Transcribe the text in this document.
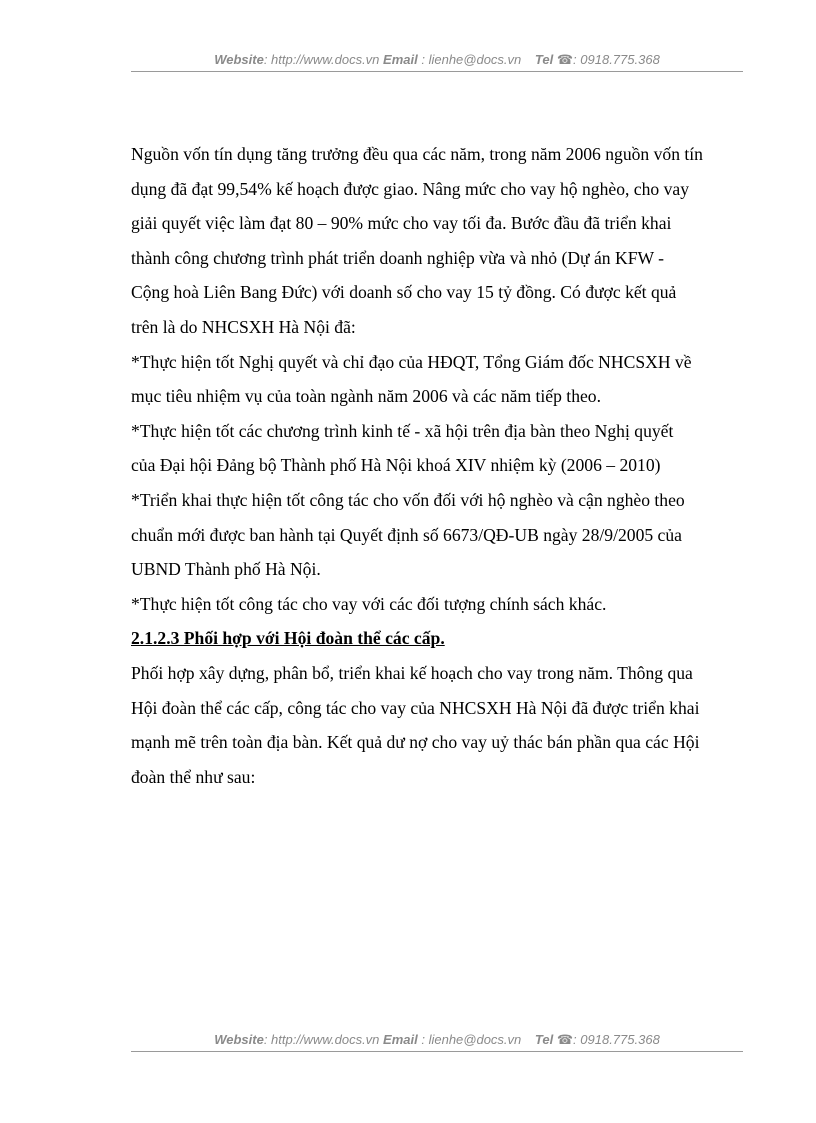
Website: http://www.docs.vn Email : lienhe@docs.vn Tel ☎: 0918.775.368
Nguồn vốn tín dụng tăng trưởng đều qua các năm, trong năm 2006 nguồn vốn tín
dụng đã đạt 99,54% kế hoạch được giao. Nâng mức cho vay hộ nghèo, cho vay
giải quyết việc làm đạt 80 – 90% mức cho vay tối đa. Bước đầu đã triển khai
thành công chương trình phát triển doanh nghiệp vừa và nhỏ (Dự án KFW -
Cộng hoà Liên Bang Đức) với doanh số cho vay 15 tỷ đồng. Có được kết quả
trên là do NHCSXH Hà Nội đã:
*Thực hiện tốt Nghị quyết và chỉ đạo của HĐQT, Tổng Giám đốc NHCSXH về
mục tiêu nhiệm vụ của toàn ngành năm 2006 và các năm tiếp theo.
*Thực hiện tốt các chương trình kinh tế - xã hội trên địa bàn theo Nghị quyết
của Đại hội Đảng bộ Thành phố Hà Nội khoá XIV nhiệm kỳ (2006 – 2010)
*Triển khai thực hiện tốt công tác cho vốn đối với hộ nghèo và cận nghèo theo
chuẩn mới được ban hành tại Quyết định số 6673/QĐ-UB ngày 28/9/2005 của
UBND Thành phố Hà Nội.
*Thực hiện tốt công tác cho vay với các đối tượng chính sách khác.
2.1.2.3 Phối hợp với Hội đoàn thể các cấp.
Phối hợp xây dựng, phân bổ, triển khai kế hoạch cho vay trong năm. Thông qua
Hội đoàn thể các cấp, công tác cho vay của NHCSXH Hà Nội đã được triển khai
mạnh mẽ trên toàn địa bàn. Kết quả dư nợ cho vay uỷ thác bán phần qua các Hội
đoàn thể như sau:
Website: http://www.docs.vn Email : lienhe@docs.vn Tel ☎: 0918.775.368
